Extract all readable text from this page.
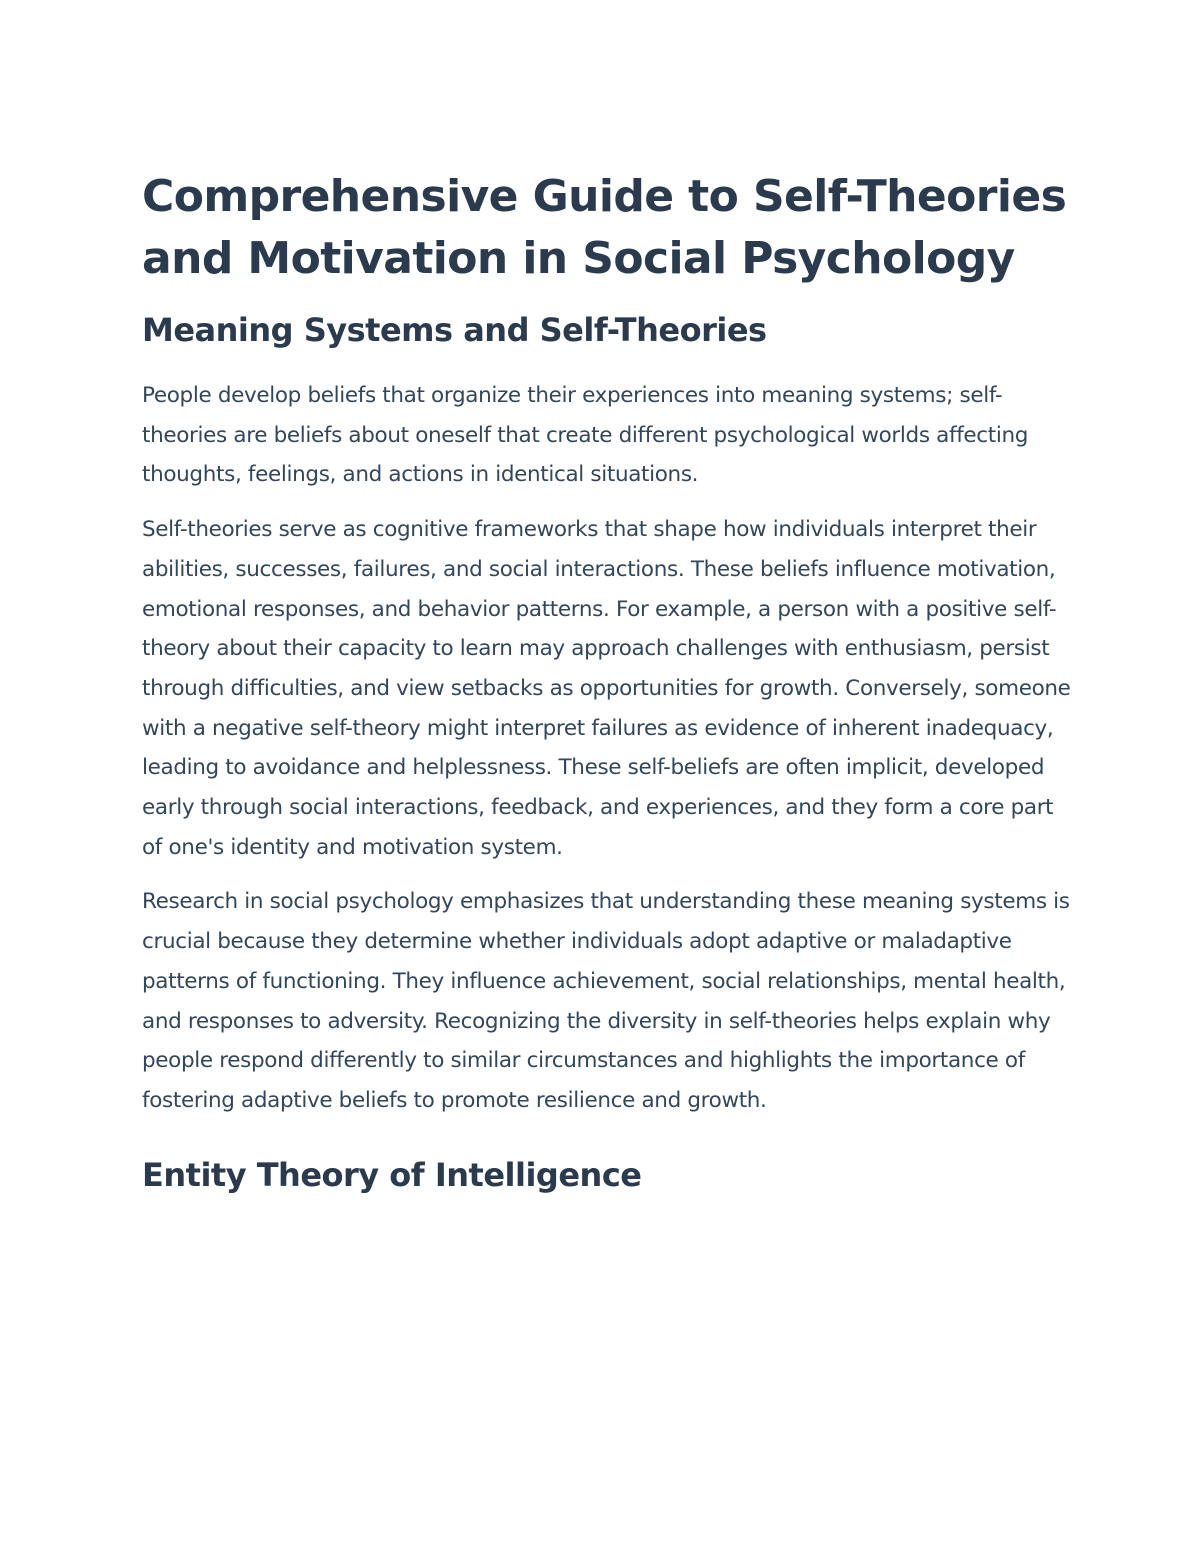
Comprehensive Guide to Self-Theories and Motivation in Social Psychology
Meaning Systems and Self-Theories

People develop beliefs that organize their experiences into meaning systems; self-theories are beliefs about oneself that create different psychological worlds affecting thoughts, feelings, and actions in identical situations.

Self-theories serve as cognitive frameworks that shape how individuals interpret their abilities, successes, failures, and social interactions. These beliefs influence motivation, emotional responses, and behavior patterns. For example, a person with a positive self-theory about their capacity to learn may approach challenges with enthusiasm, persist through difficulties, and view setbacks as opportunities for growth. Conversely, someone with a negative self-theory might interpret failures as evidence of inherent inadequacy, leading to avoidance and helplessness. These self-beliefs are often implicit, developed early through social interactions, feedback, and experiences, and they form a core part of one's identity and motivation system.

Research in social psychology emphasizes that understanding these meaning systems is crucial because they determine whether individuals adopt adaptive or maladaptive patterns of functioning. They influence achievement, social relationships, mental health, and responses to adversity. Recognizing the diversity in self-theories helps explain why people respond differently to similar circumstances and highlights the importance of fostering adaptive beliefs to promote resilience and growth.

Entity Theory of Intelligence
